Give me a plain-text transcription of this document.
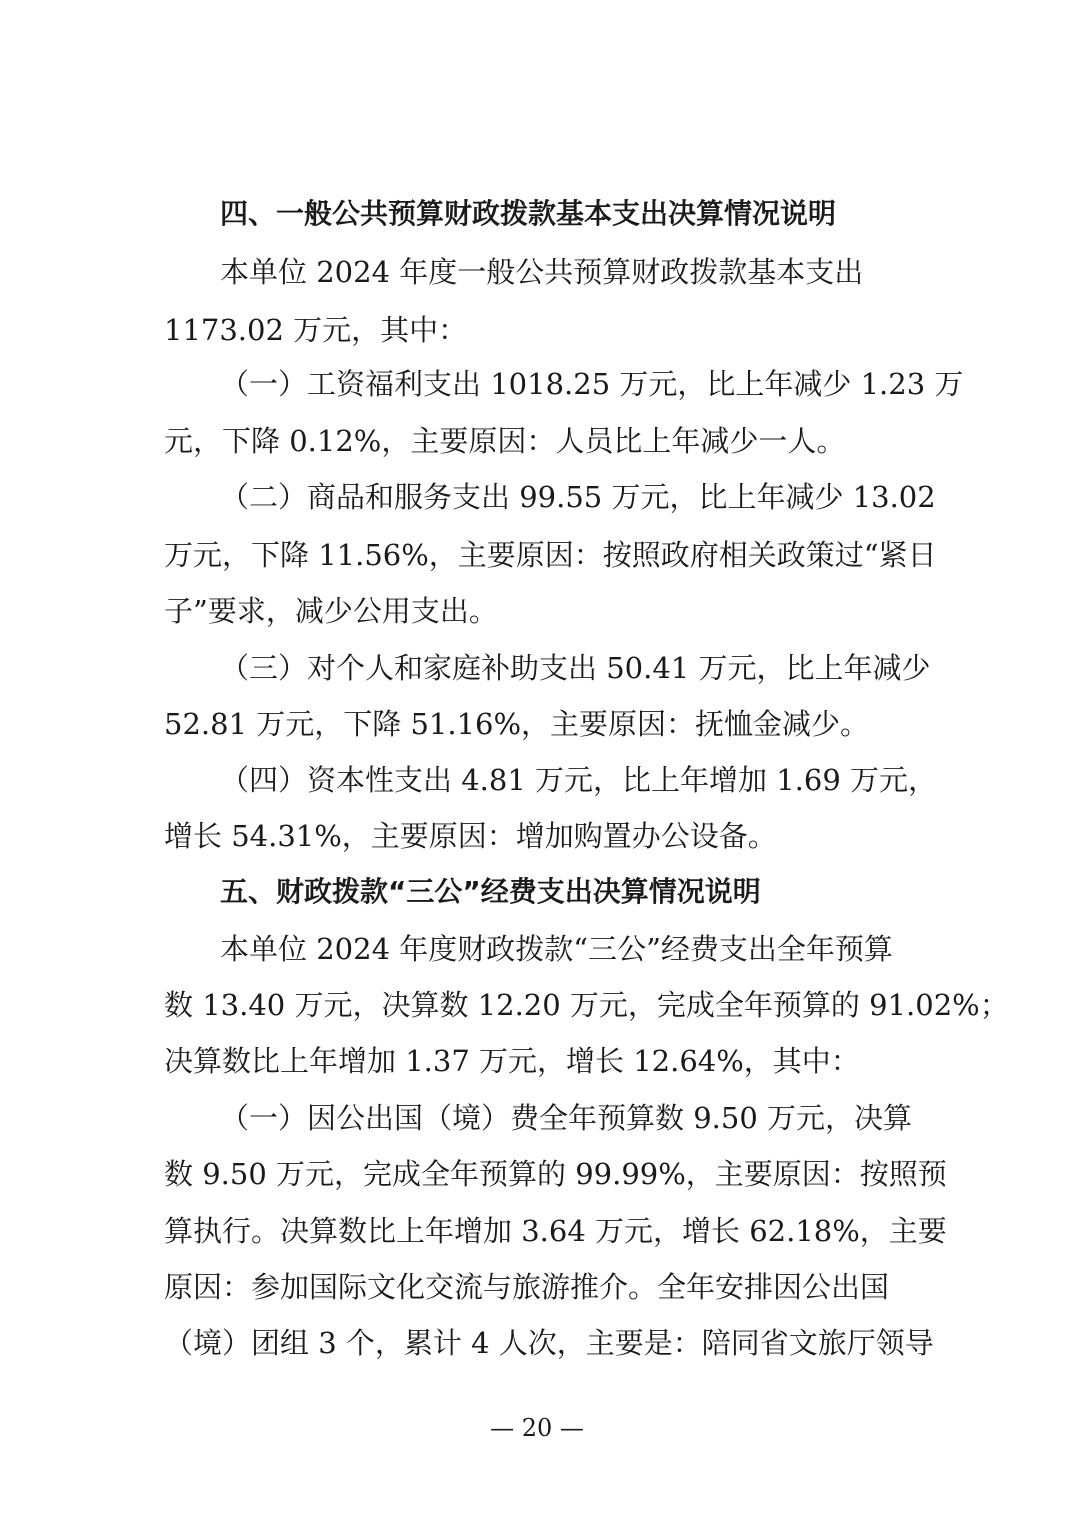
四、一般公共预算财政拨款基本支出决算情况说明
本单位 2024 年度一般公共预算财政拨款基本支出
1173.02 万元，其中：
（一）工资福利支出 1018.25 万元，比上年减少 1.23 万
元，下降 0.12%，主要原因：人员比上年减少一人。
（二）商品和服务支出 99.55 万元，比上年减少 13.02
万元，下降 11.56%，主要原因：按照政府相关政策过“紧日
子”要求，减少公用支出。
（三）对个人和家庭补助支出 50.41 万元，比上年减少
52.81 万元，下降 51.16%，主要原因：抚恤金减少。
（四）资本性支出 4.81 万元，比上年增加 1.69 万元，
增长 54.31%，主要原因：增加购置办公设备。
五、财政拨款“三公”经费支出决算情况说明
本单位 2024 年度财政拨款“三公”经费支出全年预算
数 13.40 万元，决算数 12.20 万元，完成全年预算的 91.02%；
决算数比上年增加 1.37 万元，增长 12.64%，其中：
（一）因公出国（境）费全年预算数 9.50 万元，决算
数 9.50 万元，完成全年预算的 99.99%，主要原因：按照预
算执行。决算数比上年增加 3.64 万元，增长 62.18%，主要
原因：参加国际文化交流与旅游推介。全年安排因公出国
（境）团组 3 个，累计 4 人次，主要是：陪同省文旅厅领导
— 20 —
